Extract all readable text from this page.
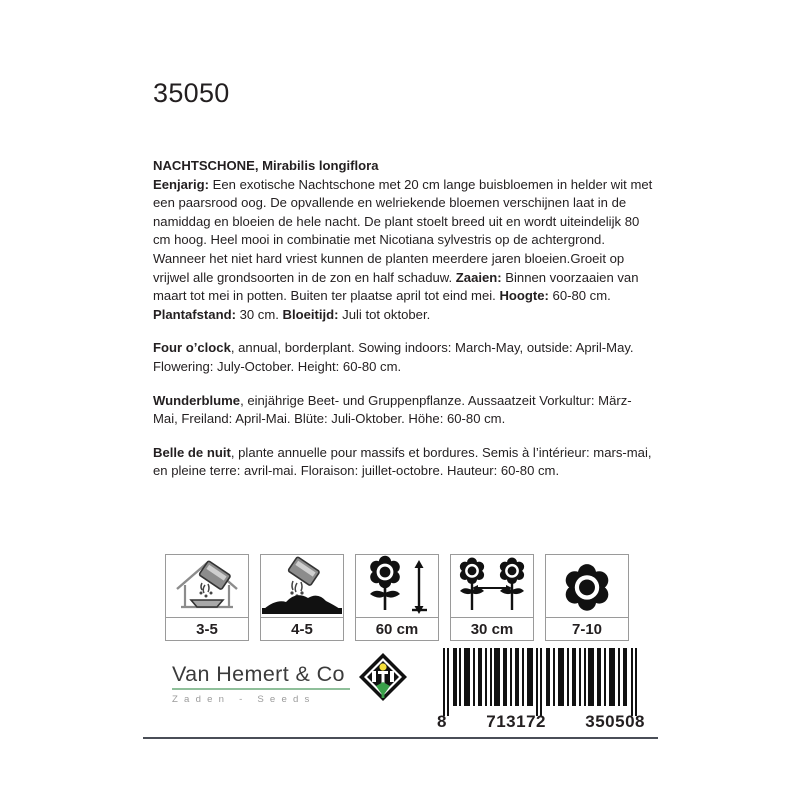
35050

NACHTSCHONE, Mirabilis longiflora

Eenjarig: Een exotische Nachtschone met 20 cm lange buisbloemen in helder wit met een paarsrood oog. De opvallende en welriekende bloemen verschijnen laat in de namiddag en bloeien de hele nacht. De plant stoelt breed uit en wordt uiteindelijk 80 cm hoog. Heel mooi in combinatie met Nicotiana sylvestris op de achtergrond. Wanneer het niet hard vriest kunnen de planten meerdere jaren bloeien.Groeit op vrijwel alle grondsoorten in de zon en half schaduw. Zaaien: Binnen voorzaaien van maart tot mei in potten. Buiten ter plaatse april tot eind mei. Hoogte: 60-80 cm. Plantafstand: 30 cm. Bloeitijd: Juli tot oktober.

Four o’clock, annual, borderplant. Sowing indoors: March-May, outside: April-May. Flowering: July-October. Height: 60-80 cm.

Wunderblume, einjährige Beet- und Gruppenpflanze. Aussaatzeit Vorkultur: März-Mai, Freiland: April-Mai. Blüte: Juli-Oktober. Höhe: 60-80 cm.

Belle de nuit, plante annuelle pour massifs et bordures. Semis à l’intérieur: mars-mai, en pleine terre: avril-mai. Floraison: juillet-octobre. Hauteur: 60-80 cm.

3-5	4-5	60 cm	30 cm	7-10
Van Hemert & Co
Zaden - Seeds
8 713172 350508
